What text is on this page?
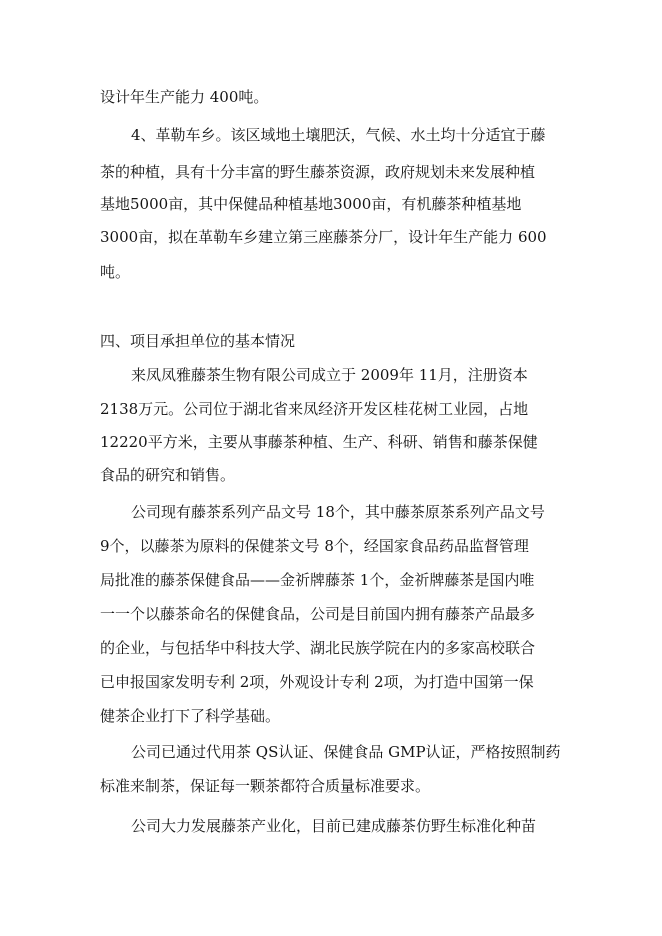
设计年生产能力 400吨。
4、革勒车乡。该区域地土壤肥沃，气候、水土均十分适宜于藤
茶的种植，具有十分丰富的野生藤茶资源，政府规划未来发展种植
基地5000亩，其中保健品种植基地3000亩，有机藤茶种植基地
3000亩，拟在革勒车乡建立第三座藤茶分厂，设计年生产能力 600
吨。
四、项目承担单位的基本情况
来凤凤雅藤茶生物有限公司成立于 2009年 11月，注册资本
2138万元。公司位于湖北省来凤经济开发区桂花树工业园，占地
12220平方米，主要从事藤茶种植、生产、科研、销售和藤茶保健
食品的研究和销售。
公司现有藤茶系列产品文号 18个，其中藤茶原茶系列产品文号
9个，以藤茶为原料的保健茶文号 8个，经国家食品药品监督管理
局批准的藤茶保健食品——金祈牌藤茶 1个，金祈牌藤茶是国内唯
一一个以藤茶命名的保健食品，公司是目前国内拥有藤茶产品最多
的企业，与包括华中科技大学、湖北民族学院在内的多家高校联合
已申报国家发明专利 2项，外观设计专利 2项，为打造中国第一保
健茶企业打下了科学基础。
公司已通过代用茶 QS认证、保健食品 GMP认证，严格按照制药
标准来制茶，保证每一颗茶都符合质量标准要求。
公司大力发展藤茶产业化，目前已建成藤茶仿野生标准化种苗
